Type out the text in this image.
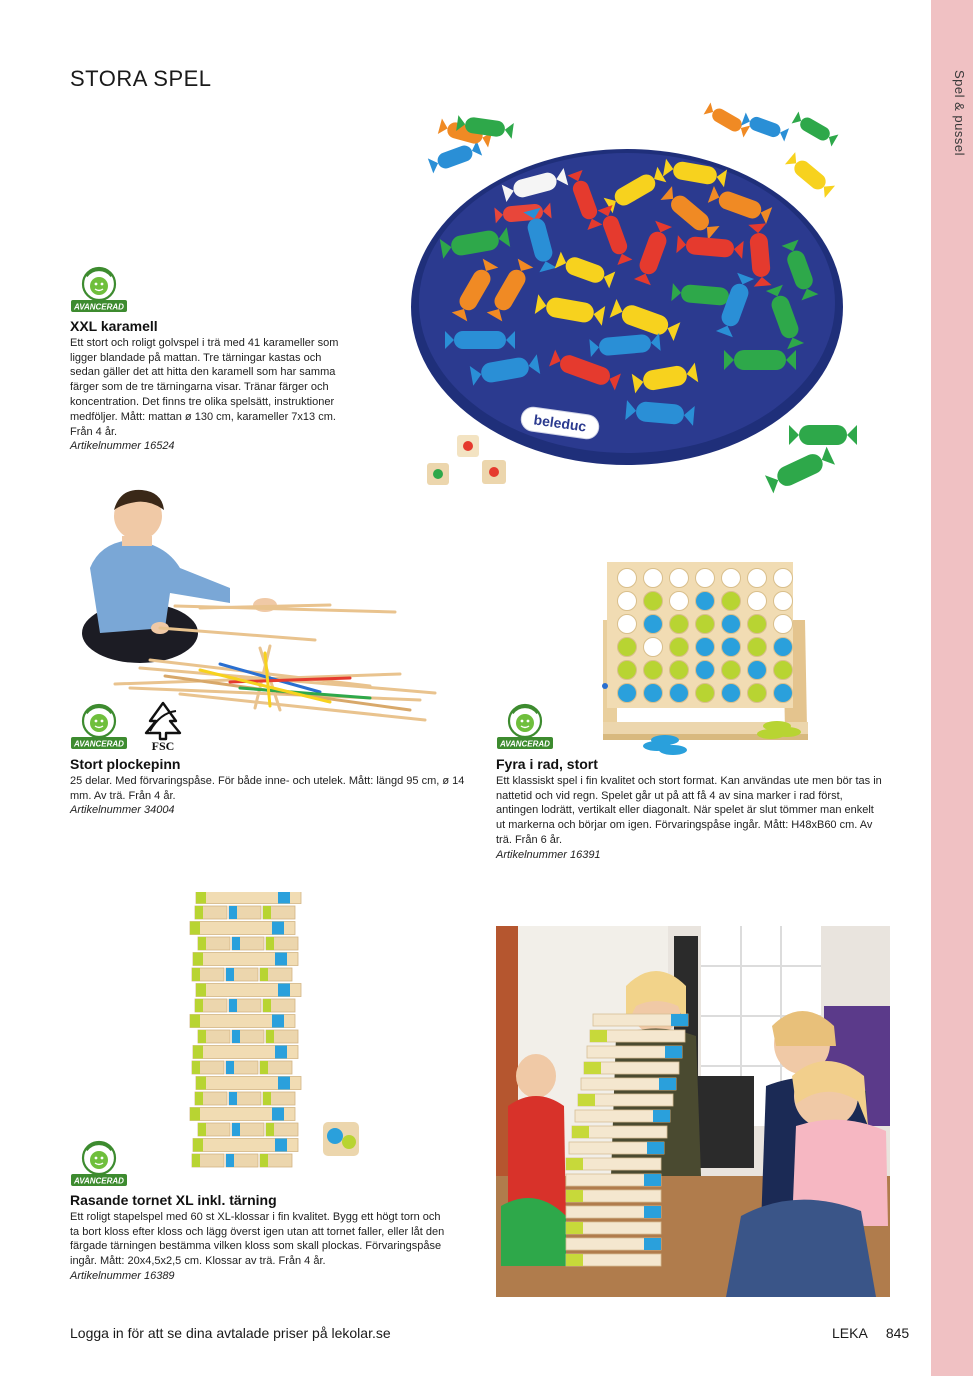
Spel & pussel
STORA SPEL
AVANCERAD
XXL karamell

Ett stort och roligt golvspel i trä med 41 karameller som ligger blandade på mattan. Tre tärningar kastas och sedan gäller det att hitta den karamell som har samma färger som de tre tärningarna visar. Tränar färger och koncentration. Det finns tre olika spelsätt, instruktioner medföljer. Mått: mattan ø 130 cm, karameller 7x13 cm. Från 4 år.

Artikelnummer 16524

beleduc
AVANCERAD FSC
Stort plockepinn

25 delar. Med förvaringspåse. För både inne- och utelek. Mått: längd 95 cm, ø 14 mm. Av trä. Från 4 år.

Artikelnummer 34004

AVANCERAD
Fyra i rad, stort

Ett klassiskt spel i fin kvalitet och stort format. Kan användas ute men bör tas in nattetid och vid regn. Spelet går ut på att få 4 av sina marker i rad först, antingen lodrätt, vertikalt eller diagonalt. När spelet är slut tömmer man enkelt ut markerna och börjar om igen. Förvaringspåse ingår. Mått: H48xB60 cm. Av trä. Från 6 år.

Artikelnummer 16391

AVANCERAD
Rasande tornet XL inkl. tärning

Ett roligt stapelspel med 60 st XL-klossar i fin kvalitet. Bygg ett högt torn och ta bort kloss efter kloss och lägg överst igen utan att tornet faller, eller låt den färgade tärningen bestämma vilken kloss som skall plockas. Förvaringspåse ingår. Mått: 20x4,5x2,5 cm. Klossar av trä. Från 4 år.

Artikelnummer 16389

Logga in för att se dina avtalade priser på lekolar.se	LEKA 845
